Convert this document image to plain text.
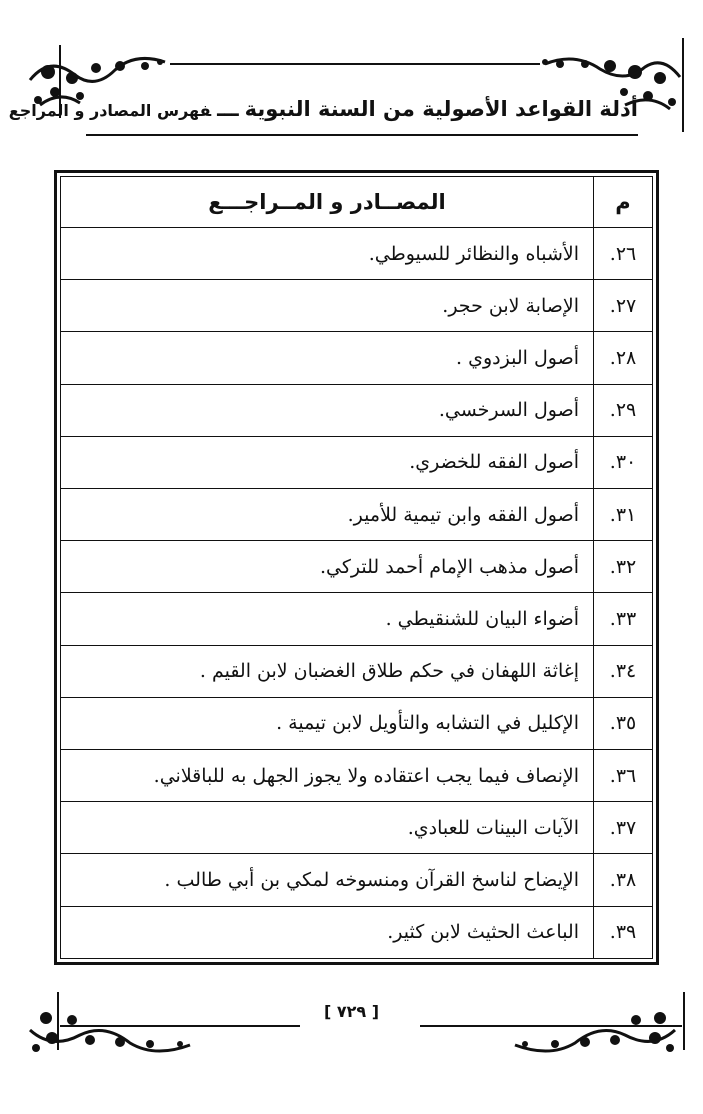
أدلة القواعد الأصولية من السنة النبويةـــفهرس المصادر و المراجع
م	المصــادر و المــراجـــع
٢٦.	الأشباه والنظائر للسيوطي.
٢٧.	الإصابة لابن حجر.
٢٨.	أصول البزدوي .
٢٩.	أصول السرخسي.
٣٠.	أصول الفقه للخضري.
٣١.	أصول الفقه وابن تيمية للأمير.
٣٢.	أصول مذهب الإمام أحمد للتركي.
٣٣.	أضواء البيان للشنقيطي .
٣٤.	إغاثة اللهفان في حكم طلاق الغضبان لابن القيم .
٣٥.	الإكليل في التشابه والتأويل لابن تيمية .
٣٦.	الإنصاف فيما يجب اعتقاده ولا يجوز الجهل به للباقلاني.
٣٧.	الآيات البينات للعبادي.
٣٨.	الإيضاح لناسخ القرآن ومنسوخه لمكي بن أبي طالب .
٣٩.	الباعث الحثيث لابن كثير.
[ ٧٢٩ ]
